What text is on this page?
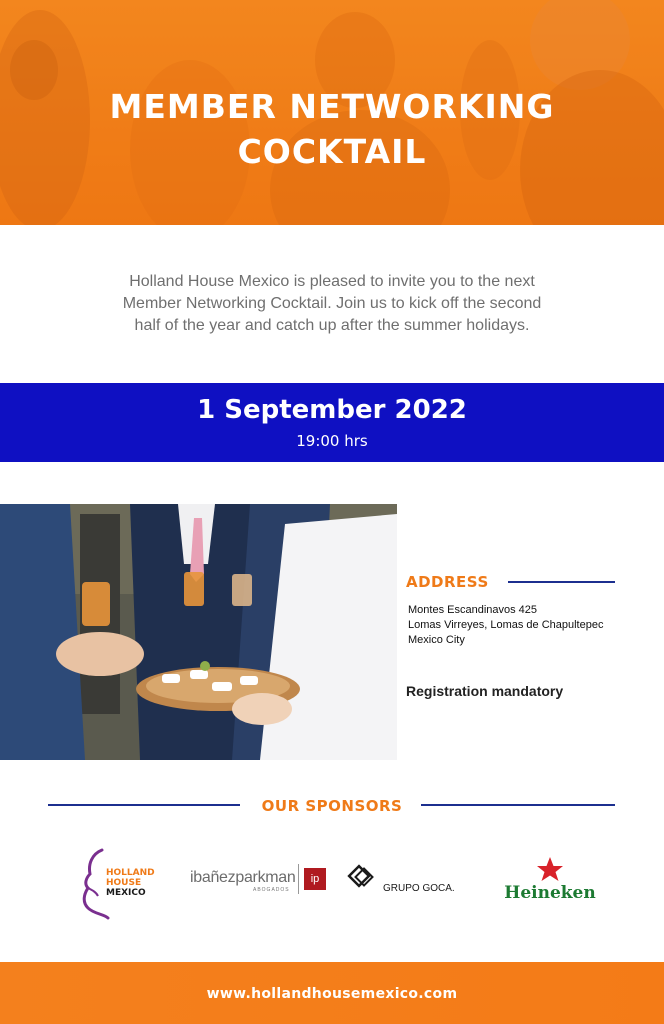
MEMBER NETWORKING
COCKTAIL

Holland House Mexico is pleased to invite you to the next
Member Networking Cocktail. Join us to kick off the second
half of the year and catch up after the summer holidays.

1 September 2022
19:00 hrs
ADDRESS
Montes Escandinavos 425
Lomas Virreyes, Lomas de Chapultepec
Mexico City
Registration mandatory
OUR SPONSORS
HOLLAND
HOUSE
MEXICO
ibañezparkman
ABOGADOS
ip
GRUPO GOCA.	Heineken
www.hollandhousemexico.com
